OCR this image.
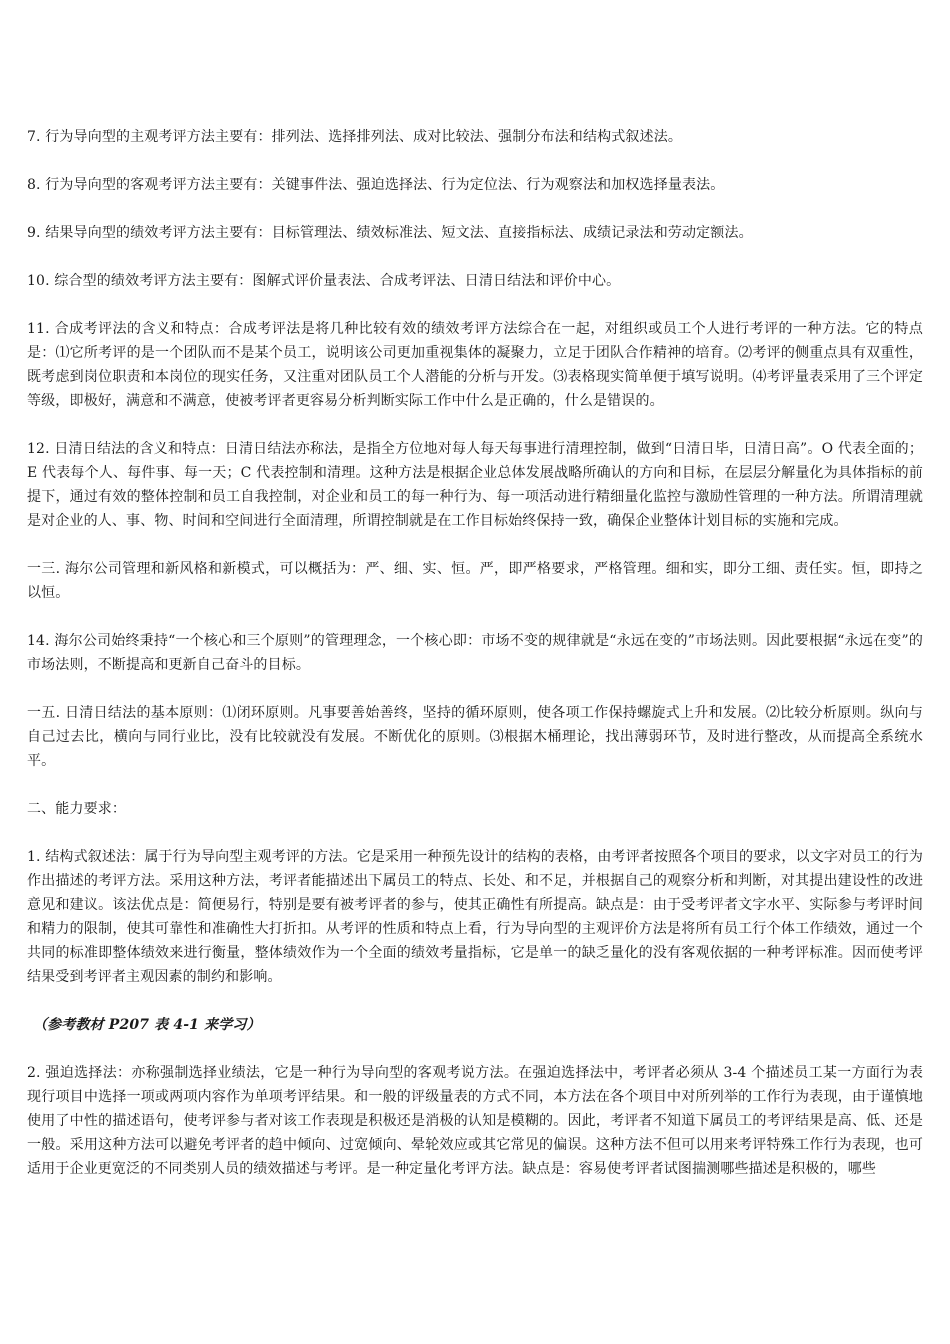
7. 行为导向型的主观考评方法主要有：排列法、选择排列法、成对比较法、强制分布法和结构式叙述法。

8. 行为导向型的客观考评方法主要有：关键事件法、强迫选择法、行为定位法、行为观察法和加权选择量表法。

9. 结果导向型的绩效考评方法主要有：目标管理法、绩效标准法、短文法、直接指标法、成绩记录法和劳动定额法。

10. 综合型的绩效考评方法主要有：图解式评价量表法、合成考评法、日清日结法和评价中心。

11. 合成考评法的含义和特点：合成考评法是将几种比较有效的绩效考评方法综合在一起，对组织或员工个人进行考评的一种方法。它的特点是：⑴它所考评的是一个团队而不是某个员工，说明该公司更加重视集体的凝聚力，立足于团队合作精神的培育。⑵考评的侧重点具有双重性，既考虑到岗位职责和本岗位的现实任务，又注重对团队员工个人潜能的分析与开发。⑶表格现实简单便于填写说明。⑷考评量表采用了三个评定等级，即极好，满意和不满意，使被考评者更容易分析判断实际工作中什么是正确的，什么是错误的。

12. 日清日结法的含义和特点：日清日结法亦称法，是指全方位地对每人每天每事进行清理控制，做到“日清日毕，日清日高”。O 代表全面的；E 代表每个人、每件事、每一天；C 代表控制和清理。这种方法是根据企业总体发展战略所确认的方向和目标，在层层分解量化为具体指标的前提下，通过有效的整体控制和员工自我控制，对企业和员工的每一种行为、每一项活动进行精细量化监控与激励性管理的一种方法。所谓清理就是对企业的人、事、物、时间和空间进行全面清理，所谓控制就是在工作目标始终保持一致，确保企业整体计划目标的实施和完成。

一三. 海尔公司管理和新风格和新模式，可以概括为：严、细、实、恒。严，即严格要求，严格管理。细和实，即分工细、责任实。恒，即持之以恒。

14. 海尔公司始终秉持“一个核心和三个原则”的管理理念，一个核心即：市场不变的规律就是“永远在变的”市场法则。因此要根据“永远在变”的市场法则，不断提高和更新自己奋斗的目标。

一五. 日清日结法的基本原则：⑴闭环原则。凡事要善始善终，坚持的循环原则，使各项工作保持螺旋式上升和发展。⑵比较分析原则。纵向与自己过去比，横向与同行业比，没有比较就没有发展。不断优化的原则。⑶根据木桶理论，找出薄弱环节，及时进行整改，从而提高全系统水平。

二、能力要求：

1. 结构式叙述法：属于行为导向型主观考评的方法。它是采用一种预先设计的结构的表格，由考评者按照各个项目的要求，以文字对员工的行为作出描述的考评方法。采用这种方法，考评者能描述出下属员工的特点、长处、和不足，并根据自己的观察分析和判断，对其提出建设性的改进意见和建议。该法优点是：简便易行，特别是要有被考评者的参与，使其正确性有所提高。缺点是：由于受考评者文字水平、实际参与考评时间和精力的限制，使其可靠性和准确性大打折扣。从考评的性质和特点上看，行为导向型的主观评价方法是将所有员工行个体工作绩效，通过一个共同的标准即整体绩效来进行衡量，整体绩效作为一个全面的绩效考量指标，它是单一的缺乏量化的没有客观依据的一种考评标准。因而使考评结果受到考评者主观因素的制约和影响。

（参考教材 P207 表 4-1 来学习）

2. 强迫选择法：亦称强制选择业绩法，它是一种行为导向型的客观考说方法。在强迫选择法中，考评者必须从 3-4 个描述员工某一方面行为表现行项目中选择一项或两项内容作为单项考评结果。和一般的评级量表的方式不同，本方法在各个项目中对所列举的工作行为表现，由于谨慎地使用了中性的描述语句，使考评参与者对该工作表现是积极还是消极的认知是模糊的。因此，考评者不知道下属员工的考评结果是高、低、还是一般。采用这种方法可以避免考评者的趋中倾向、过宽倾向、晕轮效应或其它常见的偏误。这种方法不但可以用来考评特殊工作行为表现，也可适用于企业更宽泛的不同类别人员的绩效描述与考评。是一种定量化考评方法。缺点是：容易使考评者试图揣测哪些描述是积极的，哪些
